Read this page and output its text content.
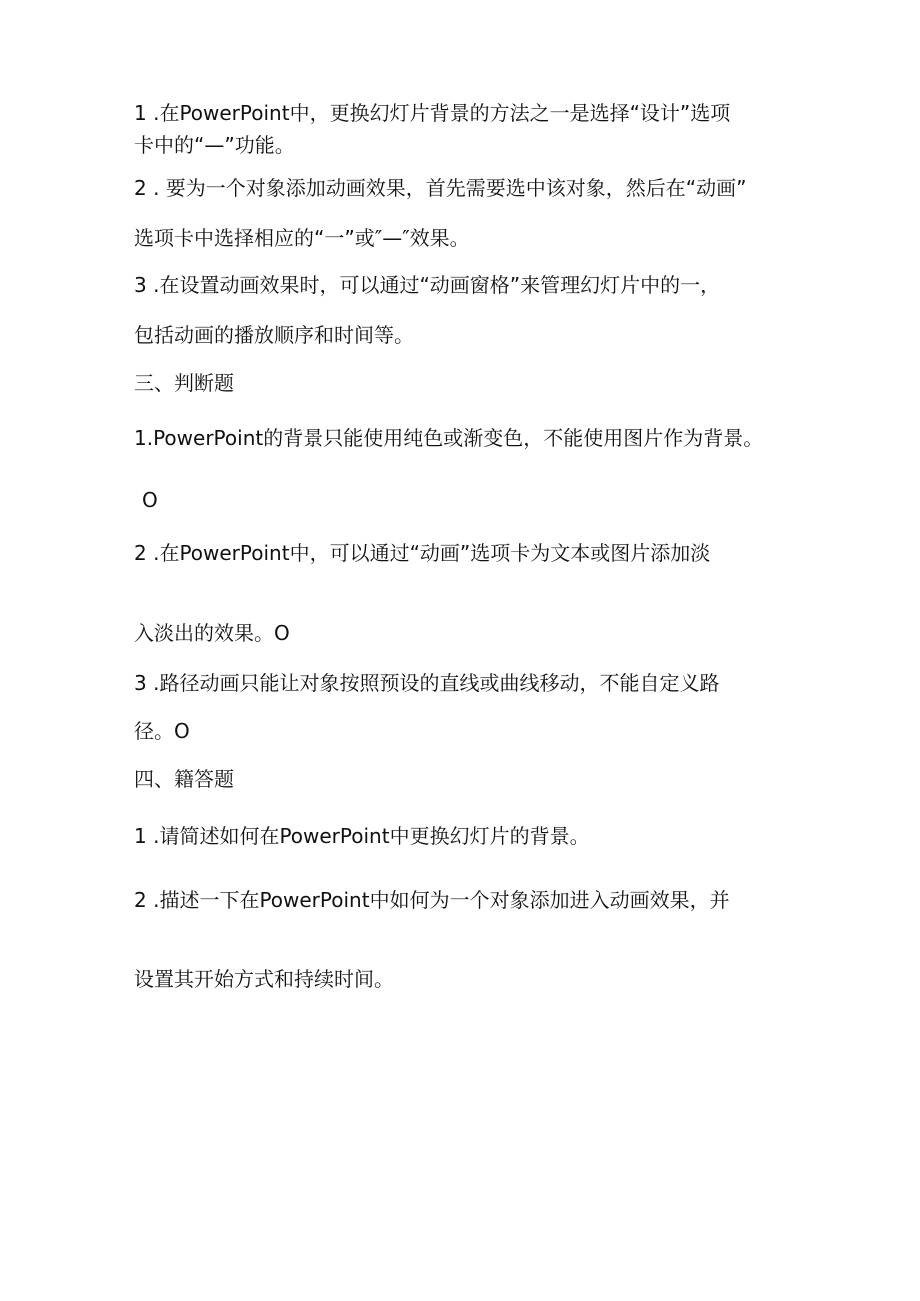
1 .在PowerPoint中，更换幻灯片背景的方法之一是选择“设计”选项

卡中的“—”功能。

2 . 要为一个对象添加动画效果，首先需要选中该对象，然后在“动画”

选项卡中选择相应的“一”或″—″效果。

3 .在设置动画效果时，可以通过“动画窗格”来管理幻灯片中的一，

包括动画的播放顺序和时间等。

三、判断题

1.PowerPoint的背景只能使用纯色或渐变色，不能使用图片作为背景。

O

2 .在PowerPoint中，可以通过“动画”选项卡为文本或图片添加淡

入淡出的效果。O

3 .路径动画只能让对象按照预设的直线或曲线移动，不能自定义路

径。O

四、籍答题

1 .请简述如何在PowerPoint中更换幻灯片的背景。

2 .描述一下在PowerPoint中如何为一个对象添加进入动画效果，并

设置其开始方式和持续时间。
